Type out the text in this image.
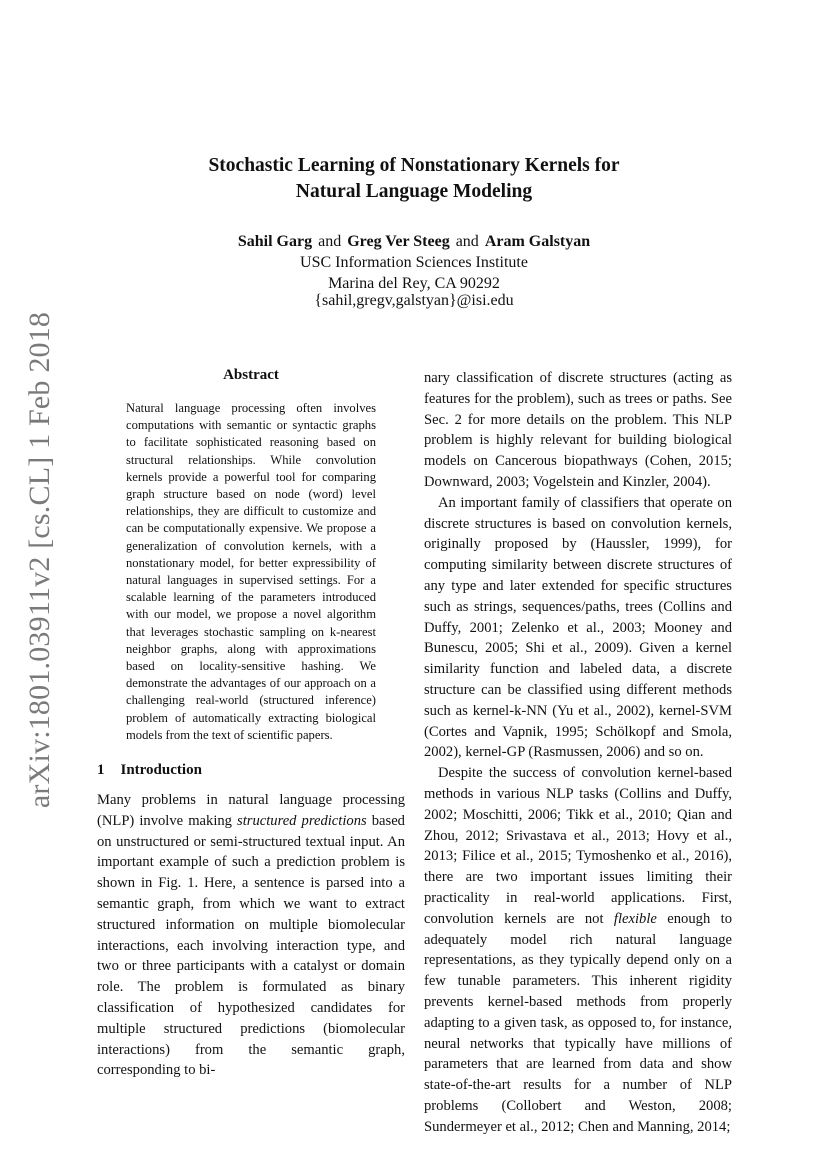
arXiv:1801.03911v2 [cs.CL] 1 Feb 2018
Stochastic Learning of Nonstationary Kernels for
Natural Language Modeling
Sahil Garg and Greg Ver Steeg and Aram Galstyan
USC Information Sciences Institute
Marina del Rey, CA 90292
{sahil,gregv,galstyan}@isi.edu
Abstract
Natural language processing often involves computations with semantic or syntactic graphs to facilitate sophisticated reasoning based on structural relationships. While convolution kernels provide a powerful tool for comparing graph structure based on node (word) level relationships, they are difficult to customize and can be computationally expensive. We propose a generalization of convolution kernels, with a nonstationary model, for better expressibility of natural languages in supervised settings. For a scalable learning of the parameters introduced with our model, we propose a novel algorithm that leverages stochastic sampling on k-nearest neighbor graphs, along with approximations based on locality-sensitive hashing. We demonstrate the advantages of our approach on a challenging real-world (structured inference) problem of automatically extracting biological models from the text of scientific papers.
1 Introduction

Many problems in natural language processing (NLP) involve making structured predictions based on unstructured or semi-structured textual input. An important example of such a prediction problem is shown in Fig. 1. Here, a sentence is parsed into a semantic graph, from which we want to extract structured information on multiple biomolecular interactions, each involving interaction type, and two or three participants with a catalyst or domain role. The problem is formulated as binary classification of hypothesized candidates for multiple structured predictions (biomolecular interactions) from the semantic graph, corresponding to bi-

nary classification of discrete structures (acting as features for the problem), such as trees or paths. See Sec. 2 for more details on the problem. This NLP problem is highly relevant for building biological models on Cancerous biopathways (Cohen, 2015; Downward, 2003; Vogelstein and Kinzler, 2004).

An important family of classifiers that operate on discrete structures is based on convolution kernels, originally proposed by (Haussler, 1999), for computing similarity between discrete structures of any type and later extended for specific structures such as strings, sequences/paths, trees (Collins and Duffy, 2001; Zelenko et al., 2003; Mooney and Bunescu, 2005; Shi et al., 2009). Given a kernel similarity function and labeled data, a discrete structure can be classified using different methods such as kernel-k-NN (Yu et al., 2002), kernel-SVM (Cortes and Vapnik, 1995; Schölkopf and Smola, 2002), kernel-GP (Rasmussen, 2006) and so on.

Despite the success of convolution kernel-based methods in various NLP tasks (Collins and Duffy, 2002; Moschitti, 2006; Tikk et al., 2010; Qian and Zhou, 2012; Srivastava et al., 2013; Hovy et al., 2013; Filice et al., 2015; Tymoshenko et al., 2016), there are two important issues limiting their practicality in real-world applications. First, convolution kernels are not flexible enough to adequately model rich natural language representations, as they typically depend only on a few tunable parameters. This inherent rigidity prevents kernel-based methods from properly adapting to a given task, as opposed to, for instance, neural networks that typically have millions of parameters that are learned from data and show state-of-the-art results for a number of NLP problems (Collobert and Weston, 2008; Sundermeyer et al., 2012; Chen and Manning, 2014;
